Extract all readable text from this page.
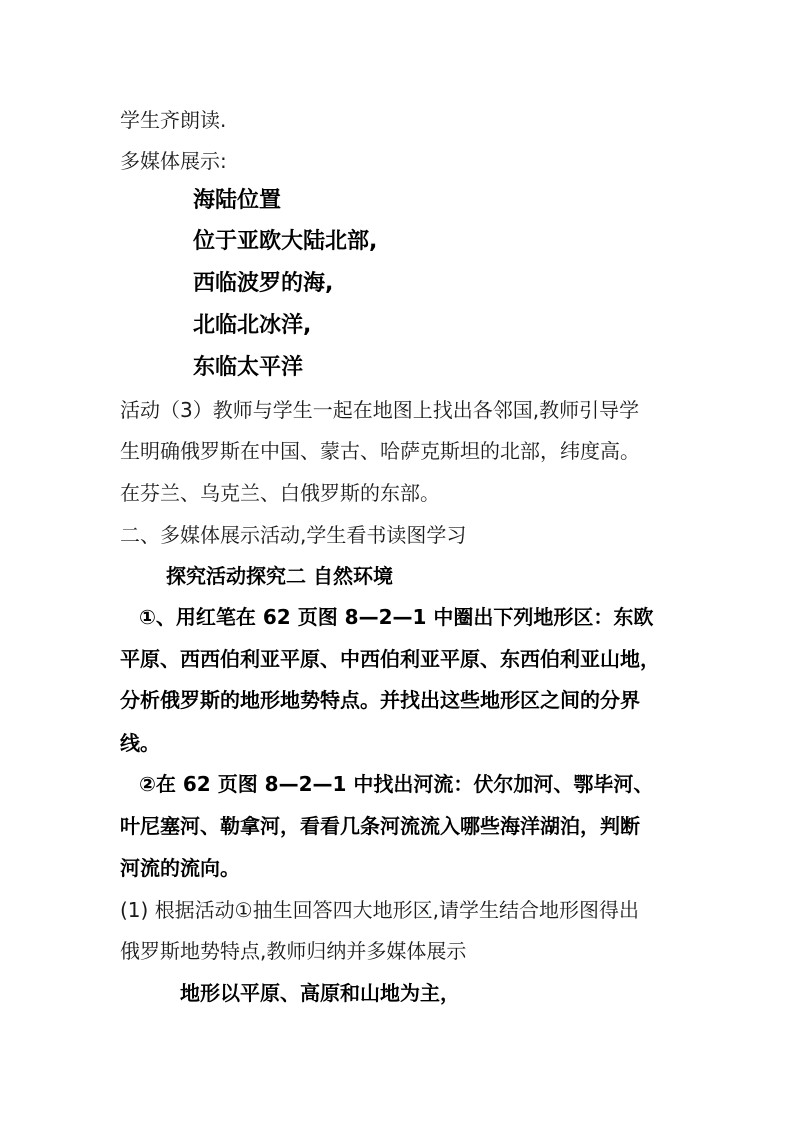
学生齐朗读.
多媒体展示:
海陆位置
位于亚欧大陆北部,
西临波罗的海,
北临北冰洋,
东临太平洋
活动（3）教师与学生一起在地图上找出各邻国,教师引导学
生明确俄罗斯在中国、蒙古、哈萨克斯坦的北部，纬度高。
在芬兰、乌克兰、白俄罗斯的东部。
二、多媒体展示活动,学生看书读图学习
探究活动探究二 自然环境
①、用红笔在 62 页图 8—2—1 中圈出下列地形区：东欧
平原、西西伯利亚平原、中西伯利亚平原、东西伯利亚山地，
分析俄罗斯的地形地势特点。并找出这些地形区之间的分界
线。
②在 62 页图 8—2—1 中找出河流：伏尔加河、鄂毕河、
叶尼塞河、勒拿河，看看几条河流流入哪些海洋湖泊，判断
河流的流向。
(1) 根据活动①抽生回答四大地形区,请学生结合地形图得出
俄罗斯地势特点,教师归纳并多媒体展示
地形以平原、高原和山地为主，
